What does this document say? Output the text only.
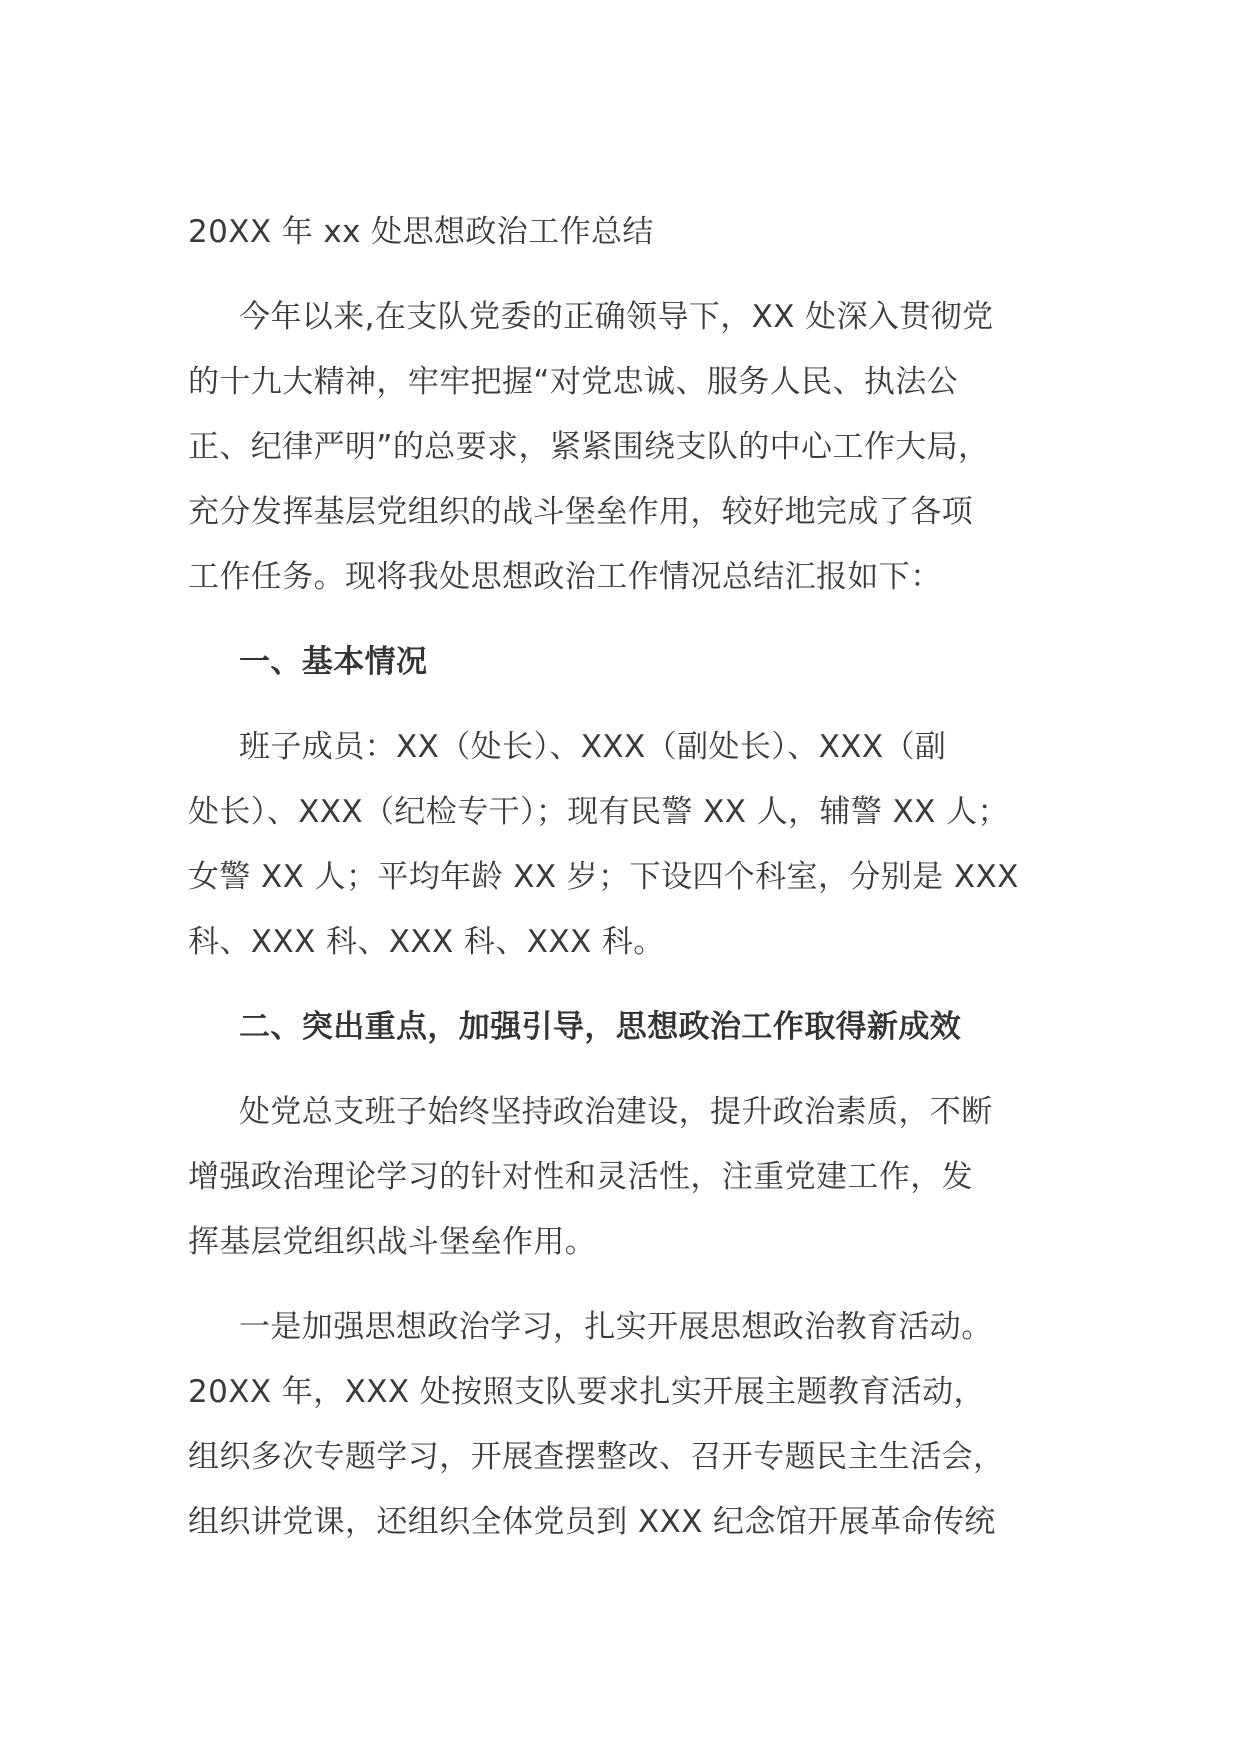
20XX 年 xx 处思想政治工作总结
今年以来,在支队党委的正确领导下，XX 处深入贯彻党
的十九大精神，牢牢把握“对党忠诚、服务人民、执法公
正、纪律严明”的总要求，紧紧围绕支队的中心工作大局，
充分发挥基层党组织的战斗堡垒作用，较好地完成了各项
工作任务。现将我处思想政治工作情况总结汇报如下：
一、基本情况
班子成员：XX（处长）、XXX（副处长）、XXX（副
处长）、XXX（纪检专干）；现有民警 XX 人，辅警 XX 人；
女警 XX 人；平均年龄 XX 岁；下设四个科室，分别是 XXX
科、XXX 科、XXX 科、XXX 科。
二、突出重点，加强引导，思想政治工作取得新成效
处党总支班子始终坚持政治建设，提升政治素质，不断
增强政治理论学习的针对性和灵活性，注重党建工作，发
挥基层党组织战斗堡垒作用。
一是加强思想政治学习，扎实开展思想政治教育活动。
20XX 年，XXX 处按照支队要求扎实开展主题教育活动，
组织多次专题学习，开展查摆整改、召开专题民主生活会，
组织讲党课，还组织全体党员到 XXX 纪念馆开展革命传统
